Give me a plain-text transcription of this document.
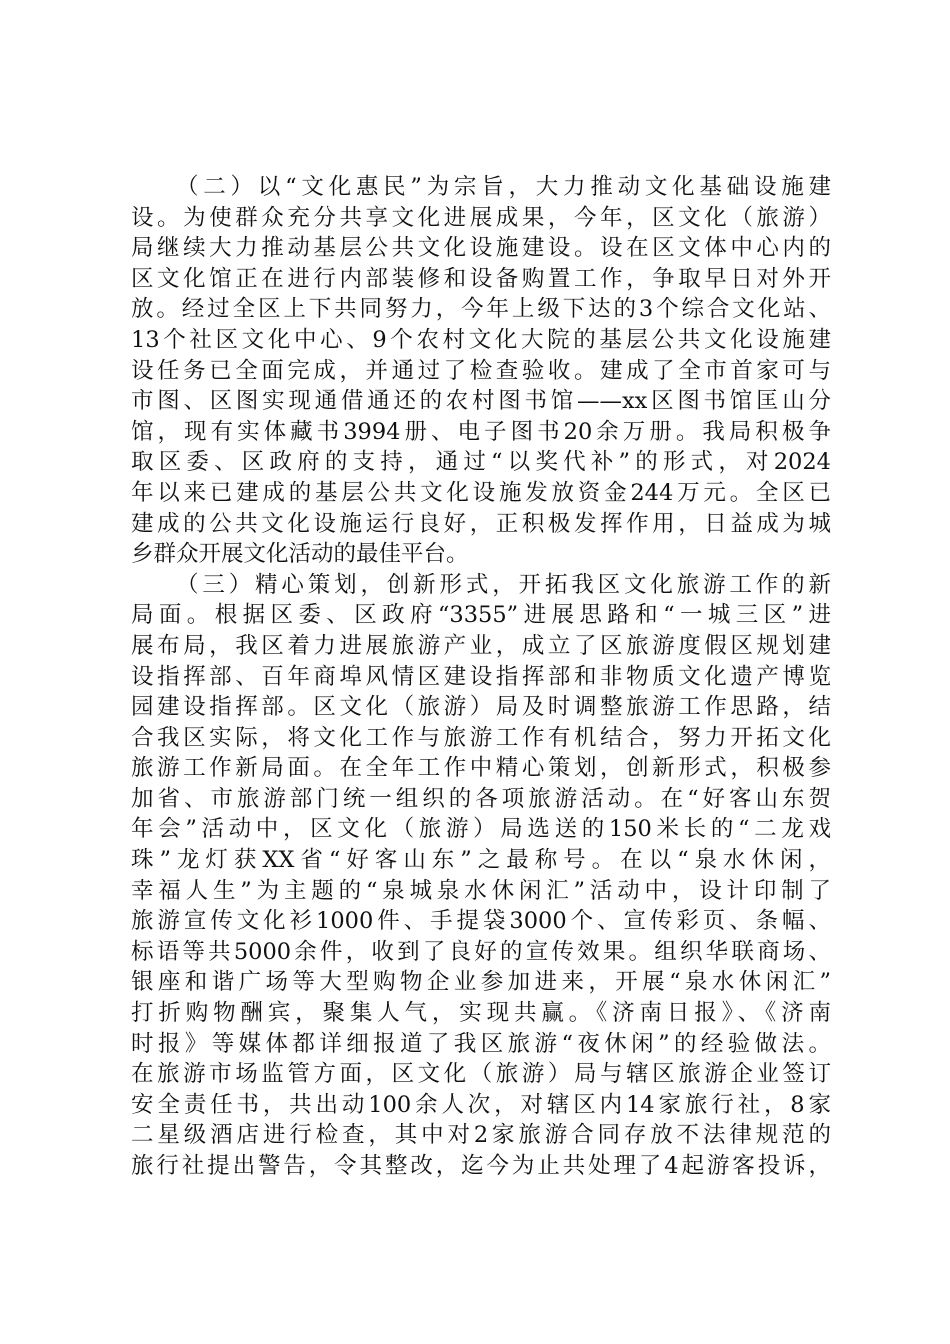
（二）以“文化惠民”为宗旨，大力推动文化基础设施建
设。为使群众充分共享文化进展成果，今年，区文化（旅游）
局继续大力推动基层公共文化设施建设。设在区文体中心内的
区文化馆正在进行内部装修和设备购置工作，争取早日对外开
放。经过全区上下共同努力，今年上级下达的3个综合文化站、
13个社区文化中心、9个农村文化大院的基层公共文化设施建
设任务已全面完成，并通过了检查验收。建成了全市首家可与
市图、区图实现通借通还的农村图书馆——xx区图书馆匡山分
馆，现有实体藏书3994册、电子图书20余万册。我局积极争
取区委、区政府的支持，通过“以奖代补”的形式，对2024
年以来已建成的基层公共文化设施发放资金244万元。全区已
建成的公共文化设施运行良好，正积极发挥作用，日益成为城
乡群众开展文化活动的最佳平台。
（三）精心策划，创新形式，开拓我区文化旅游工作的新
局面。根据区委、区政府“3355”进展思路和“一城三区”进
展布局，我区着力进展旅游产业，成立了区旅游度假区规划建
设指挥部、百年商埠风情区建设指挥部和非物质文化遗产博览
园建设指挥部。区文化（旅游）局及时调整旅游工作思路，结
合我区实际，将文化工作与旅游工作有机结合，努力开拓文化
旅游工作新局面。在全年工作中精心策划，创新形式，积极参
加省、市旅游部门统一组织的各项旅游活动。在“好客山东贺
年会”活动中，区文化（旅游）局选送的150米长的“二龙戏
珠”龙灯获XX省“好客山东”之最称号。在以“泉水休闲，
幸福人生”为主题的“泉城泉水休闲汇”活动中，设计印制了
旅游宣传文化衫1000件、手提袋3000个、宣传彩页、条幅、
标语等共5000余件，收到了良好的宣传效果。组织华联商场、
银座和谐广场等大型购物企业参加进来，开展“泉水休闲汇”
打折购物酬宾，聚集人气，实现共赢。《济南日报》、《济南
时报》等媒体都详细报道了我区旅游“夜休闲”的经验做法。
在旅游市场监管方面，区文化（旅游）局与辖区旅游企业签订
安全责任书，共出动100余人次，对辖区内14家旅行社，8家
二星级酒店进行检查，其中对2家旅游合同存放不法律规范的
旅行社提出警告，令其整改，迄今为止共处理了4起游客投诉，
